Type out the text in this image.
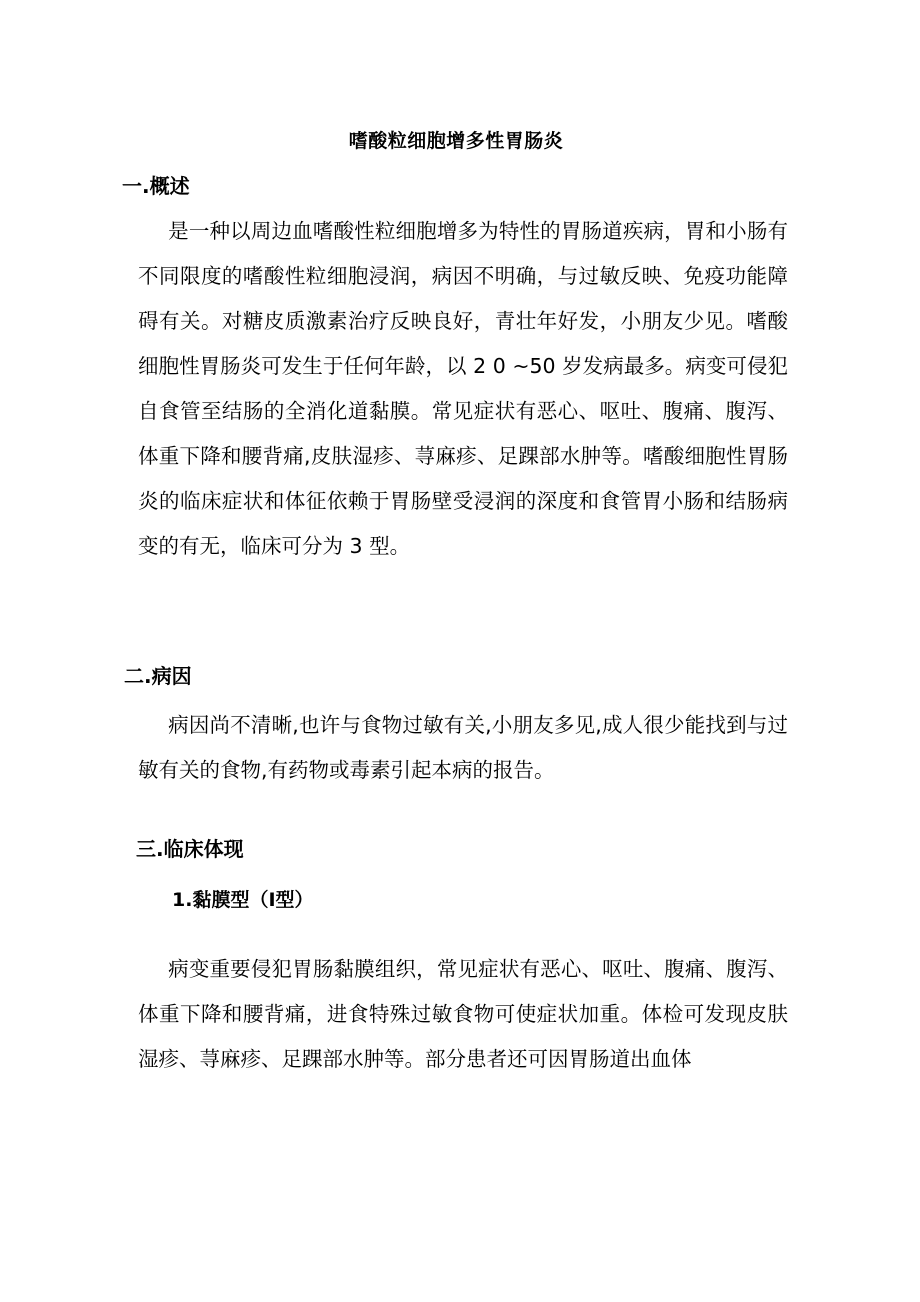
嗜酸粒细胞增多性胃肠炎
一.概述

是一种以周边血嗜酸性粒细胞增多为特性的胃肠道疾病，胃和小肠有不同限度的嗜酸性粒细胞浸润，病因不明确，与过敏反映、免疫功能障碍有关。对糖皮质激素治疗反映良好，青壮年好发，小朋友少见。嗜酸细胞性胃肠炎可发生于任何年龄，以 2 0 ~50 岁发病最多。病变可侵犯自食管至结肠的全消化道黏膜。常见症状有恶心、呕吐、腹痛、腹泻、体重下降和腰背痛,皮肤湿疹、荨麻疹、足踝部水肿等。嗜酸细胞性胃肠炎的临床症状和体征依赖于胃肠壁受浸润的深度和食管胃小肠和结肠病变的有无，临床可分为 3 型。

二.病因

病因尚不清晰,也许与食物过敏有关,小朋友多见,成人很少能找到与过敏有关的食物,有药物或毒素引起本病的报告。

三.临床体现
1.黏膜型（Ⅰ型）

病变重要侵犯胃肠黏膜组织，常见症状有恶心、呕吐、腹痛、腹泻、体重下降和腰背痛，进食特殊过敏食物可使症状加重。体检可发现皮肤湿疹、荨麻疹、足踝部水肿等。部分患者还可因胃肠道出血体
